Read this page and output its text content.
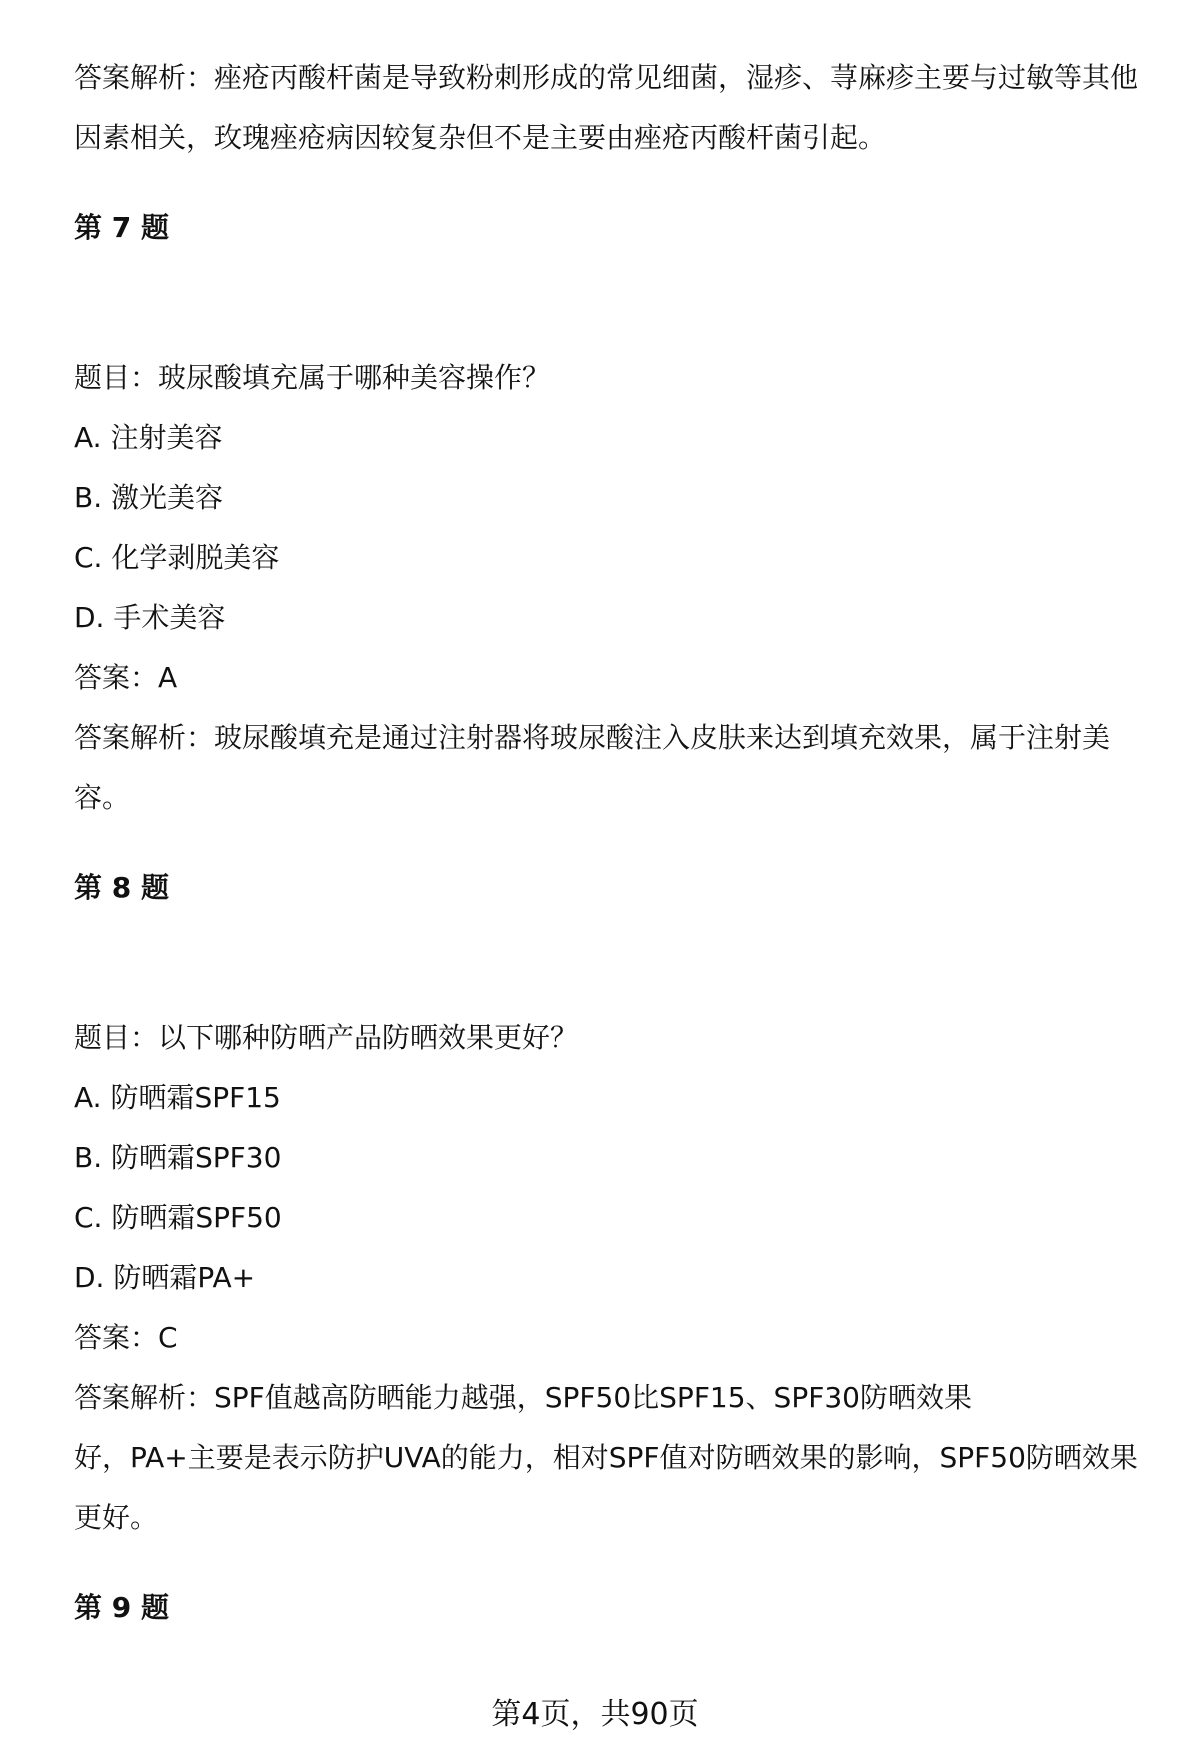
答案解析：痤疮丙酸杆菌是导致粉刺形成的常见细菌，湿疹、荨麻疹主要与过敏等其他因素相关，玫瑰痤疮病因较复杂但不是主要由痤疮丙酸杆菌引起。

第 7 题

题目：玻尿酸填充属于哪种美容操作？

A. 注射美容

B. 激光美容

C. 化学剥脱美容

D. 手术美容

答案：A

答案解析：玻尿酸填充是通过注射器将玻尿酸注入皮肤来达到填充效果，属于注射美容。

第 8 题

题目：以下哪种防晒产品防晒效果更好？

A. 防晒霜SPF15

B. 防晒霜SPF30

C. 防晒霜SPF50

D. 防晒霜PA+

答案：C

答案解析：SPF值越高防晒能力越强，SPF50比SPF15、SPF30防晒效果

好，PA+主要是表示防护UVA的能力，相对SPF值对防晒效果的影响，SPF50防晒效果更好。

第 9 题

第4页，共90页
